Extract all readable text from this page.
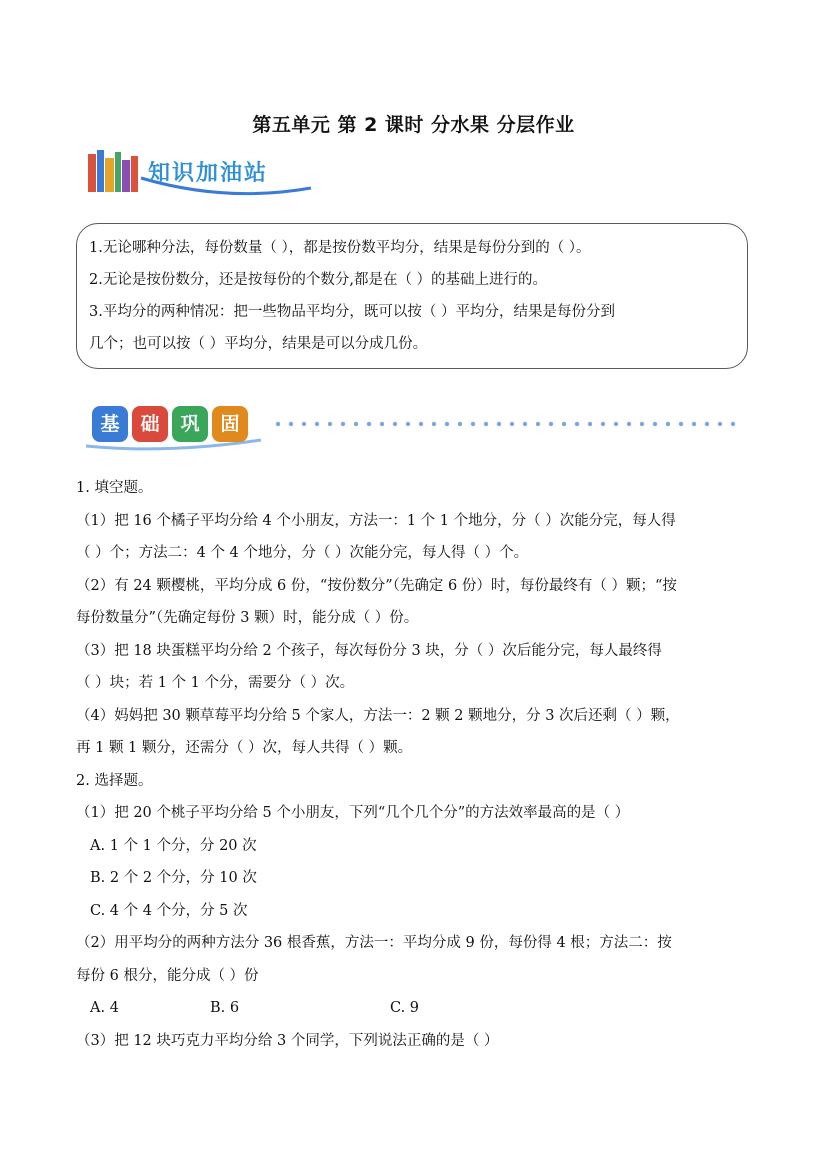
第五单元 第 2 课时 分水果 分层作业
知识加油站
1.无论哪种分法，每份数量（ ），都是按份数平均分，结果是每份分到的（ ）。
2.无论是按份数分，还是按每份的个数分,都是在（ ）的基础上进行的。
3.平均分的两种情况：把一些物品平均分，既可以按（ ）平均分，结果是每份分到
几个；也可以按（ ）平均分，结果是可以分成几份。
基	础	巩	固

1. 填空题。

（1）把 16 个橘子平均分给 4 个小朋友，方法一：1 个 1 个地分，分（ ）次能分完，每人得

（ ）个；方法二：4 个 4 个地分，分（ ）次能分完，每人得（ ）个。

（2）有 24 颗樱桃，平均分成 6 份，“按份数分”（先确定 6 份）时，每份最终有（ ）颗；“按

每份数量分”（先确定每份 3 颗）时，能分成（ ）份。

（3）把 18 块蛋糕平均分给 2 个孩子，每次每份分 3 块，分（ ）次后能分完，每人最终得

（ ）块；若 1 个 1 个分，需要分（ ）次。

（4）妈妈把 30 颗草莓平均分给 5 个家人，方法一：2 颗 2 颗地分，分 3 次后还剩（ ）颗，

再 1 颗 1 颗分，还需分（ ）次，每人共得（ ）颗。

2. 选择题。

（1）把 20 个桃子平均分给 5 个小朋友，下列“几个几个分”的方法效率最高的是（ ）

A. 1 个 1 个分，分 20 次

B. 2 个 2 个分，分 10 次

C. 4 个 4 个分，分 5 次

（2）用平均分的两种方法分 36 根香蕉，方法一：平均分成 9 份，每份得 4 根；方法二：按

每份 6 根分，能分成（ ）份

A. 4	B. 6	C. 9

（3）把 12 块巧克力平均分给 3 个同学，下列说法正确的是（ ）
